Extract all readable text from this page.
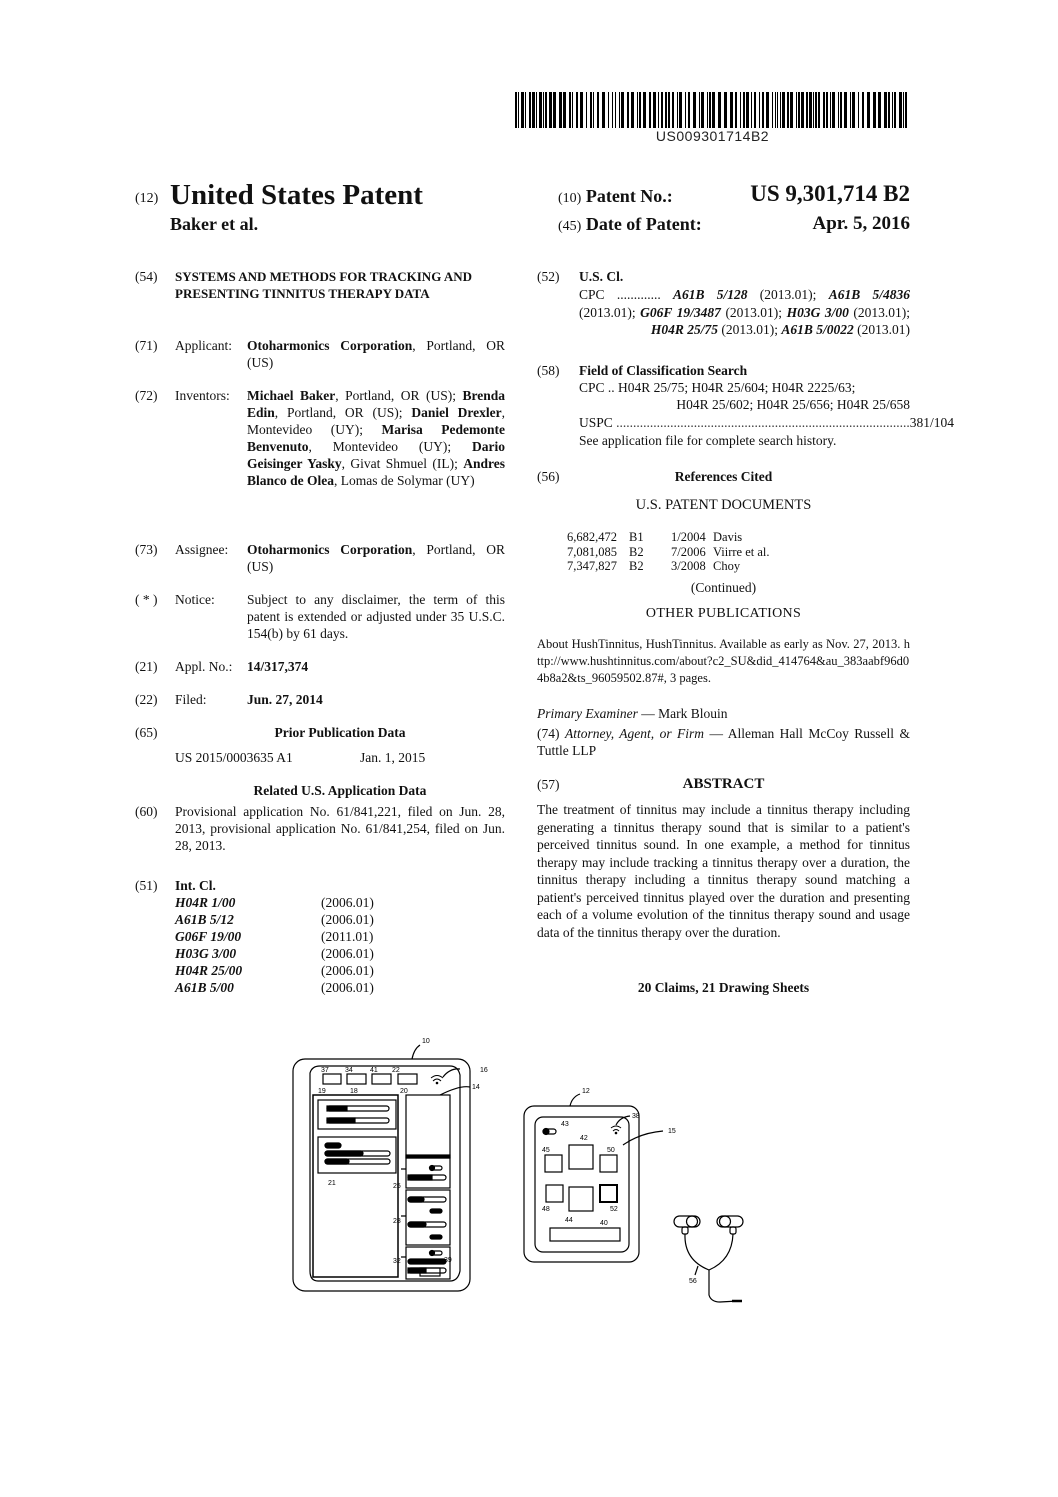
US009301714B2
(12) United States Patent
Baker et al.
(10) Patent No.:	US 9,301,714 B2
(45) Date of Patent:	Apr. 5, 2016
(54) SYSTEMS AND METHODS FOR TRACKING AND PRESENTING TINNITUS THERAPY DATA
(71) Applicant: Otoharmonics Corporation, Portland, OR (US)
(72) Inventors: Michael Baker, Portland, OR (US); Brenda Edin, Portland, OR (US); Daniel Drexler, Montevideo (UY); Marisa Pedemonte Benvenuto, Montevideo (UY); Dario Geisinger Yasky, Givat Shmuel (IL); Andres Blanco de Olea, Lomas de Solymar (UY)
(73) Assignee: Otoharmonics Corporation, Portland, OR (US)
( * ) Notice: Subject to any disclaimer, the term of this patent is extended or adjusted under 35 U.S.C. 154(b) by 61 days.
(21) Appl. No.: 14/317,374
(22) Filed:	Jun. 27, 2014
(65)	Prior Publication Data
US 2015/0003635 A1	Jan. 1, 2015
Related U.S. Application Data
(60) Provisional application No. 61/841,221, filed on Jun. 28, 2013, provisional application No. 61/841,254, filed on Jun. 28, 2013.
(51) Int. Cl.
H04R 1/00	(2006.01)
A61B 5/12	(2006.01)
G06F 19/00	(2011.01)
H03G 3/00	(2006.01)
H04R 25/00	(2006.01)
A61B 5/00	(2006.01)
(52) U.S. Cl.
CPC ............. A61B 5/128 (2013.01); A61B 5/4836 (2013.01); G06F 19/3487 (2013.01); H03G 3/00 (2013.01); H04R 25/75 (2013.01); A61B 5/0022 (2013.01)
(58) Field of Classification Search
CPC .. H04R 25/75; H04R 25/604; H04R 2225/63;
H04R 25/602; H04R 25/656; H04R 25/658
USPC ....................................................................................... 381/104
See application file for complete search history.
(56)	References Cited
U.S. PATENT DOCUMENTS
6,682,472 B1	1/2004 Davis
7,081,085 B2	7/2006 Viirre et al.
7,347,827 B2	3/2008 Choy
(Continued)
OTHER PUBLICATIONS
About HushTinnitus, HushTinnitus. Available as early as Nov. 27, 2013. http://www.hushtinnitus.com/about?c2_SU&did_414764&au_383aabf96d04b8a2&ts_96059502.87#, 3 pages.
Primary Examiner — Mark Blouin
(74) Attorney, Agent, or Firm — Alleman Hall McCoy Russell & Tuttle LLP
(57)	ABSTRACT
The treatment of tinnitus may include a tinnitus therapy including generating a tinnitus therapy sound that is similar to a patient's perceived tinnitus sound. In one example, a method for tinnitus therapy may include tracking a tinnitus therapy over a duration, the tinnitus therapy including a tinnitus therapy sound matching a patient's perceived tinnitus played over the duration and presenting each of a volume evolution of the tinnitus therapy sound and usage data of the tinnitus therapy over the duration.
20 Claims, 21 Drawing Sheets
10
16
14
37 34 41 22
19	18	20
21	25
28
32	39
12
38
15
43
42
45	50
48
44
52
40
56
